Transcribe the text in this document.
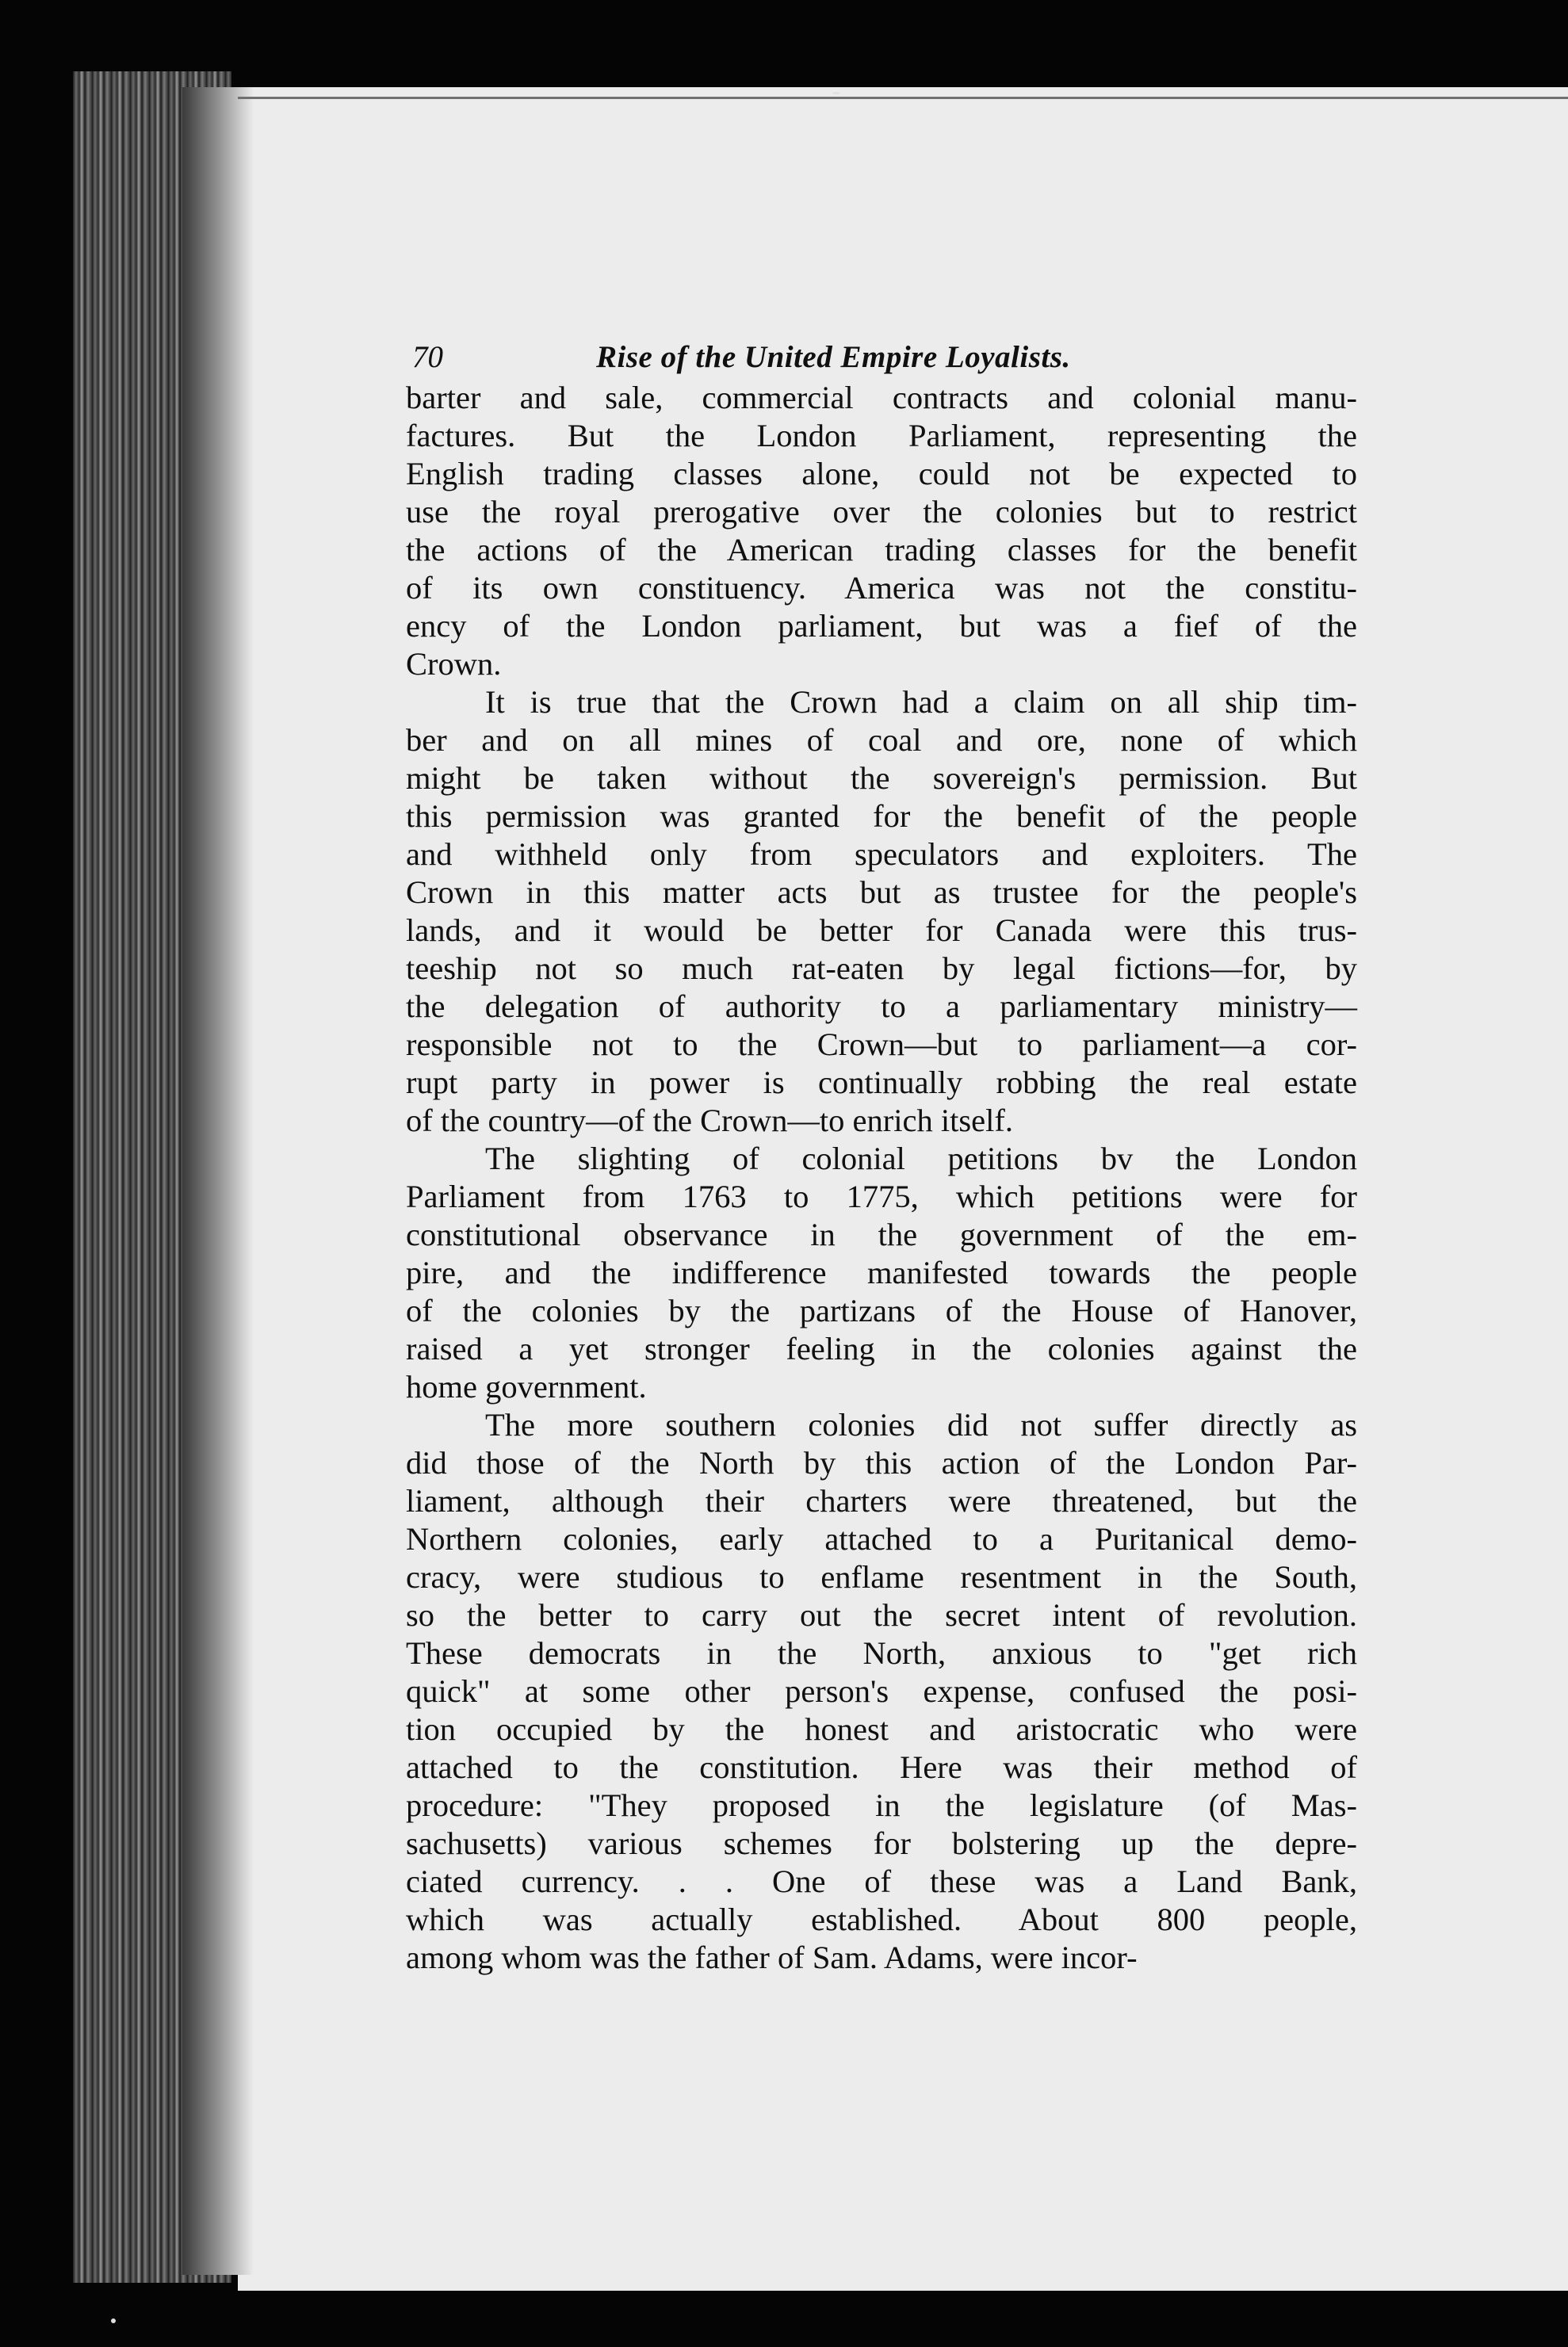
70	Rise of the United Empire Loyalists.

barter and sale, commercial contracts and colonial manu-
factures. But the London Parliament, representing the
English trading classes alone, could not be expected to
use the royal prerogative over the colonies but to restrict
the actions of the American trading classes for the benefit
of its own constituency. America was not the constitu-
ency of the London parliament, but was a fief of the
Crown.

It is true that the Crown had a claim on all ship tim-
ber and on all mines of coal and ore, none of which
might be taken without the sovereign's permission. But
this permission was granted for the benefit of the people
and withheld only from speculators and exploiters. The
Crown in this matter acts but as trustee for the people's
lands, and it would be better for Canada were this trus-
teeship not so much rat-eaten by legal fictions—for, by
the delegation of authority to a parliamentary ministry—
responsible not to the Crown—but to parliament—a cor-
rupt party in power is continually robbing the real estate
of the country—of the Crown—to enrich itself.

The slighting of colonial petitions bv the London
Parliament from 1763 to 1775, which petitions were for
constitutional observance in the government of the em-
pire, and the indifference manifested towards the people
of the colonies by the partizans of the House of Hanover,
raised a yet stronger feeling in the colonies against the
home government.

The more southern colonies did not suffer directly as
did those of the North by this action of the London Par-
liament, although their charters were threatened, but the
Northern colonies, early attached to a Puritanical demo-
cracy, were studious to enflame resentment in the South,
so the better to carry out the secret intent of revolution.
These democrats in the North, anxious to "get rich
quick" at some other person's expense, confused the posi-
tion occupied by the honest and aristocratic who were
attached to the constitution. Here was their method of
procedure: "They proposed in the legislature (of Mas-
sachusetts) various schemes for bolstering up the depre-
ciated currency. . . One of these was a Land Bank,
which was actually established. About 800 people,
among whom was the father of Sam. Adams, were incor-
